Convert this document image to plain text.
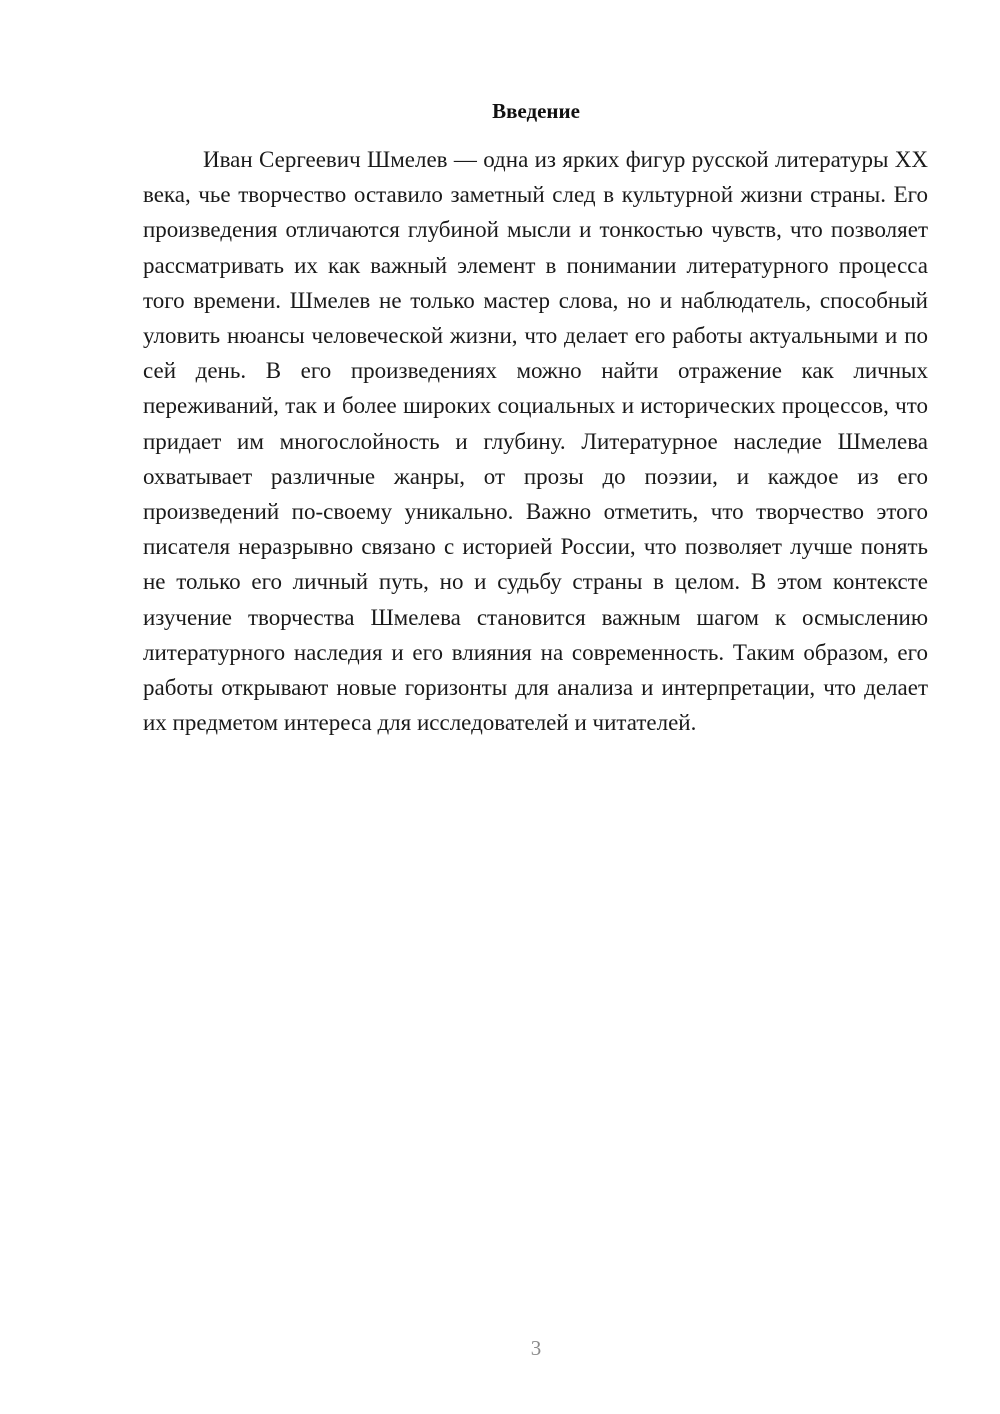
Введение

Иван Сергеевич Шмелев — одна из ярких фигур русской литературы XX века, чье творчество оставило заметный след в культурной жизни страны. Его произведения отличаются глубиной мысли и тонкостью чувств, что позволяет рассматривать их как важный элемент в понимании литературного процесса того времени. Шмелев не только мастер слова, но и наблюдатель, способный уловить нюансы человеческой жизни, что делает его работы актуальными и по сей день. В его произведениях можно найти отражение как личных переживаний, так и более широких социальных и исторических процессов, что придает им многослойность и глубину. Литературное наследие Шмелева охватывает различные жанры, от прозы до поэзии, и каждое из его произведений по-своему уникально. Важно отметить, что творчество этого писателя неразрывно связано с историей России, что позволяет лучше понять не только его личный путь, но и судьбу страны в целом. В этом контексте изучение творчества Шмелева становится важным шагом к осмыслению литературного наследия и его влияния на современность. Таким образом, его работы открывают новые горизонты для анализа и интерпретации, что делает их предметом интереса для исследователей и читателей.

3
